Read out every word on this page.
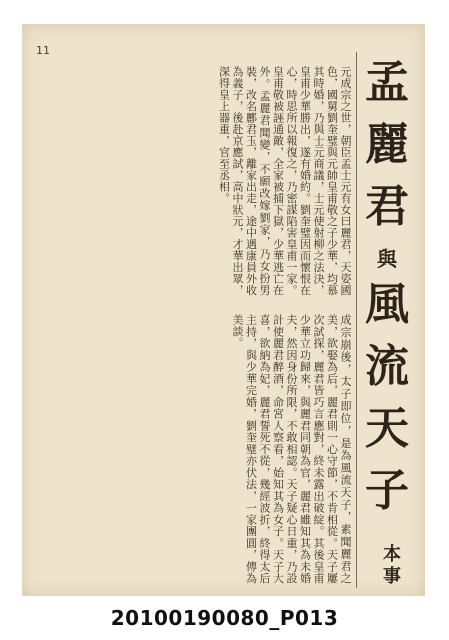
11
孟
麗
君
與
風
流
天
子
本事
元成宗之世，朝臣孟士元有女曰麗君，天姿國色，國舅劉奎璧與元帥皇甫敬之子少華，均慕其時婚，乃與士元商議，士元使射柳之法決，皇甫少華勝出，遂有婚約。劉奎璧因而懷恨在心，時思所以報復之，乃密謀陷害皇甫一家。皇甫敬被誣通敵，全家被捕下獄，少華逃亡在外。孟麗君聞變，不願改嫁劉家，乃女扮男裝，改名酈君玉，離家出走，途中遇康員外收為義子，後赴京應試，高中狀元，才華出眾，深得皇上器重，官至丞相。
成宗崩後，太子即位，是為風流天子，素聞麗君之美，欲娶為后，麗君則一心守節，不肯相從。天子屢次試探，麗君皆巧言應對，終未露出破綻。其後皇甫少華立功歸來，與麗君同朝為官，麗君雖知其為未婚夫，然因身份所限，不敢相認。天子疑心日重，乃設計使麗君醉酒，命宮人察看，始知其為女子。天子大喜，欲納為妃，麗君誓死不從，幾經波折，終得太后主持，與少華完婚，劉奎璧亦伏法，一家團圓，傳為美談。
20100190080_P013
